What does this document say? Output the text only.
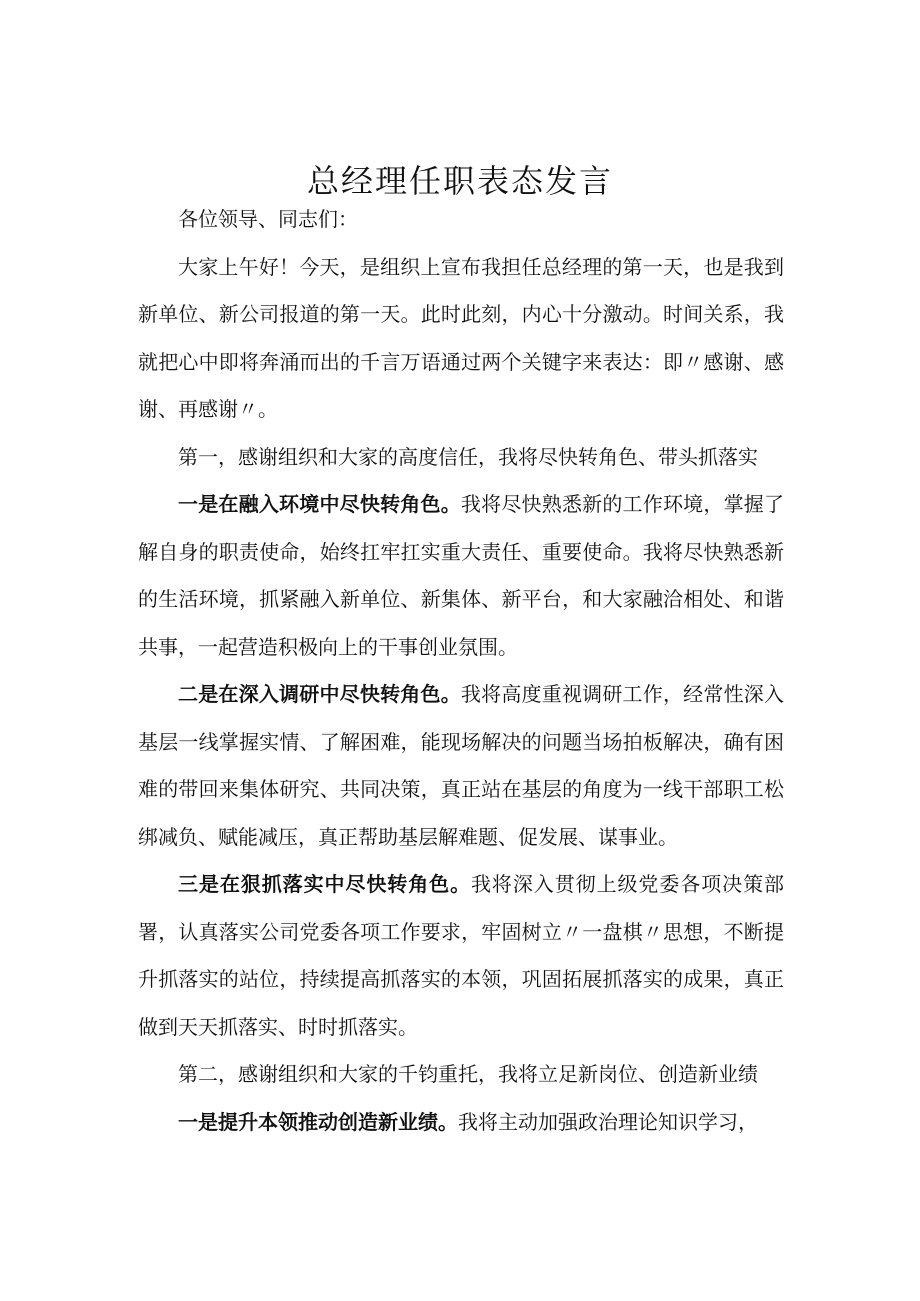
总经理任职表态发言

各位领导、同志们：

大家上午好！今天，是组织上宣布我担任总经理的第一天，也是我到新单位、新公司报道的第一天。此时此刻，内心十分激动。时间关系，我就把心中即将奔涌而出的千言万语通过两个关键字来表达：即〃感谢、感谢、再感谢〃。

第一，感谢组织和大家的高度信任，我将尽快转角色、带头抓落实

一是在融入环境中尽快转角色。我将尽快熟悉新的工作环境，掌握了解自身的职责使命，始终扛牢扛实重大责任、重要使命。我将尽快熟悉新的生活环境，抓紧融入新单位、新集体、新平台，和大家融洽相处、和谐共事，一起营造积极向上的干事创业氛围。

二是在深入调研中尽快转角色。我将高度重视调研工作，经常性深入基层一线掌握实情、了解困难，能现场解决的问题当场拍板解决，确有困难的带回来集体研究、共同决策，真正站在基层的角度为一线干部职工松绑减负、赋能减压，真正帮助基层解难题、促发展、谋事业。

三是在狠抓落实中尽快转角色。我将深入贯彻上级党委各项决策部署，认真落实公司党委各项工作要求，牢固树立〃一盘棋〃思想，不断提升抓落实的站位，持续提高抓落实的本领，巩固拓展抓落实的成果，真正做到天天抓落实、时时抓落实。

第二，感谢组织和大家的千钧重托，我将立足新岗位、创造新业绩

一是提升本领推动创造新业绩。我将主动加强政治理论知识学习，
